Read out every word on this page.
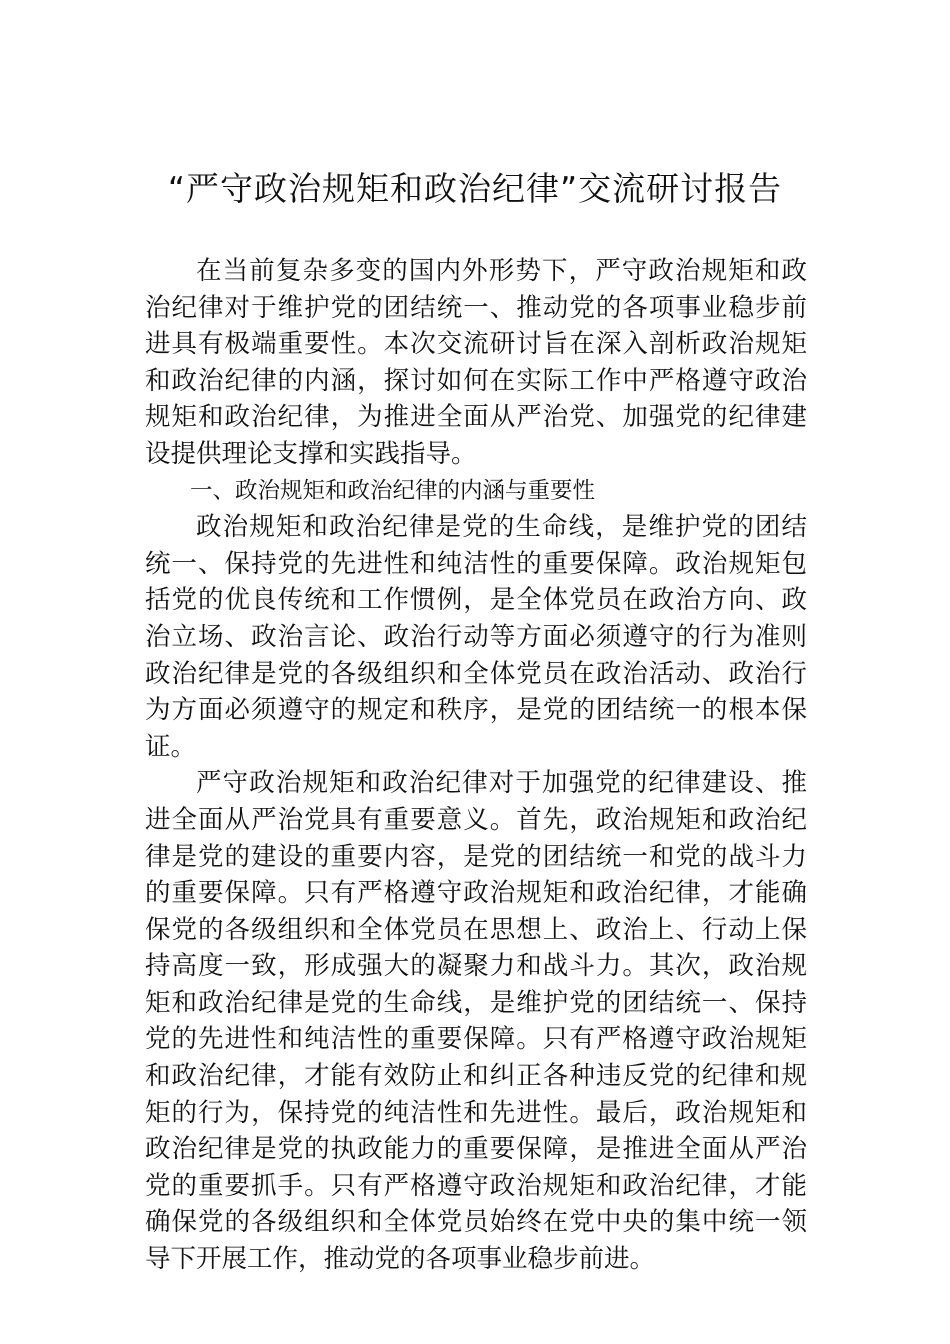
“严守政治规矩和政治纪律”交流研讨报告

在当前复杂多变的国内外形势下，严守政治规矩和政治纪律对于维护党的团结统一、推动党的各项事业稳步前进具有极端重要性。本次交流研讨旨在深入剖析政治规矩和政治纪律的内涵，探讨如何在实际工作中严格遵守政治规矩和政治纪律，为推进全面从严治党、加强党的纪律建设提供理论支撑和实践指导。

一、政治规矩和政治纪律的内涵与重要性

政治规矩和政治纪律是党的生命线，是维护党的团结统一、保持党的先进性和纯洁性的重要保障。政治规矩包括党的优良传统和工作惯例，是全体党员在政治方向、政治立场、政治言论、政治行动等方面必须遵守的行为准则政治纪律是党的各级组织和全体党员在政治活动、政治行为方面必须遵守的规定和秩序，是党的团结统一的根本保证。

严守政治规矩和政治纪律对于加强党的纪律建设、推进全面从严治党具有重要意义。首先，政治规矩和政治纪律是党的建设的重要内容，是党的团结统一和党的战斗力的重要保障。只有严格遵守政治规矩和政治纪律，才能确保党的各级组织和全体党员在思想上、政治上、行动上保持高度一致，形成强大的凝聚力和战斗力。其次，政治规矩和政治纪律是党的生命线，是维护党的团结统一、保持党的先进性和纯洁性的重要保障。只有严格遵守政治规矩和政治纪律，才能有效防止和纠正各种违反党的纪律和规矩的行为，保持党的纯洁性和先进性。最后，政治规矩和政治纪律是党的执政能力的重要保障，是推进全面从严治党的重要抓手。只有严格遵守政治规矩和政治纪律，才能确保党的各级组织和全体党员始终在党中央的集中统一领导下开展工作，推动党的各项事业稳步前进。
